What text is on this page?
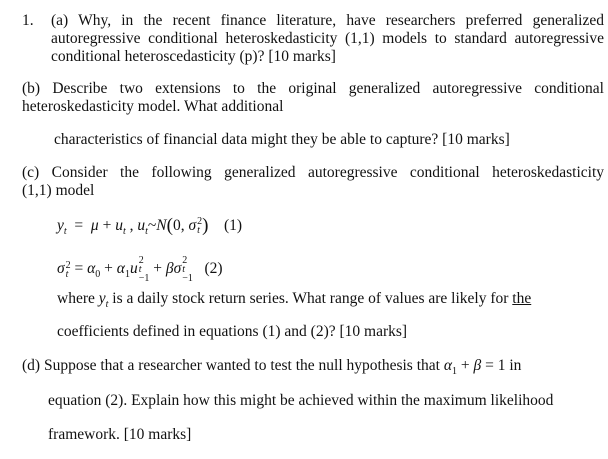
1. (a) Why, in the recent finance literature, have researchers preferred generalized
autoregressive conditional heteroskedasticity (1,1) models to standard autoregressive
conditional heteroscedasticity (p)? [10 marks]
(b) Describe two extensions to the original generalized autoregressive conditional
heteroskedasticity model. What additional
characteristics of financial data might they be able to capture? [10 marks]
(c) Consider the following generalized autoregressive conditional heteroskedasticity
(1,1) model
$y_t = \mu + u_t$ , $u_t\sim N(0$, σ 2
t ) (1)
σ 2
$t = \alpha_0 + \alpha_1u$ 2
t
−1
+ βσ 2
t
−1
(2)
where $y_t$ is a daily stock return series. What range of values are likely for the
coefficients defined in equations (1) and (2)? [10 marks]
(d) Suppose that a researcher wanted to test the null hypothesis that $\alpha_1 + \beta = 1$ in
equation (2). Explain how this might be achieved within the maximum likelihood
framework. [10 marks]
